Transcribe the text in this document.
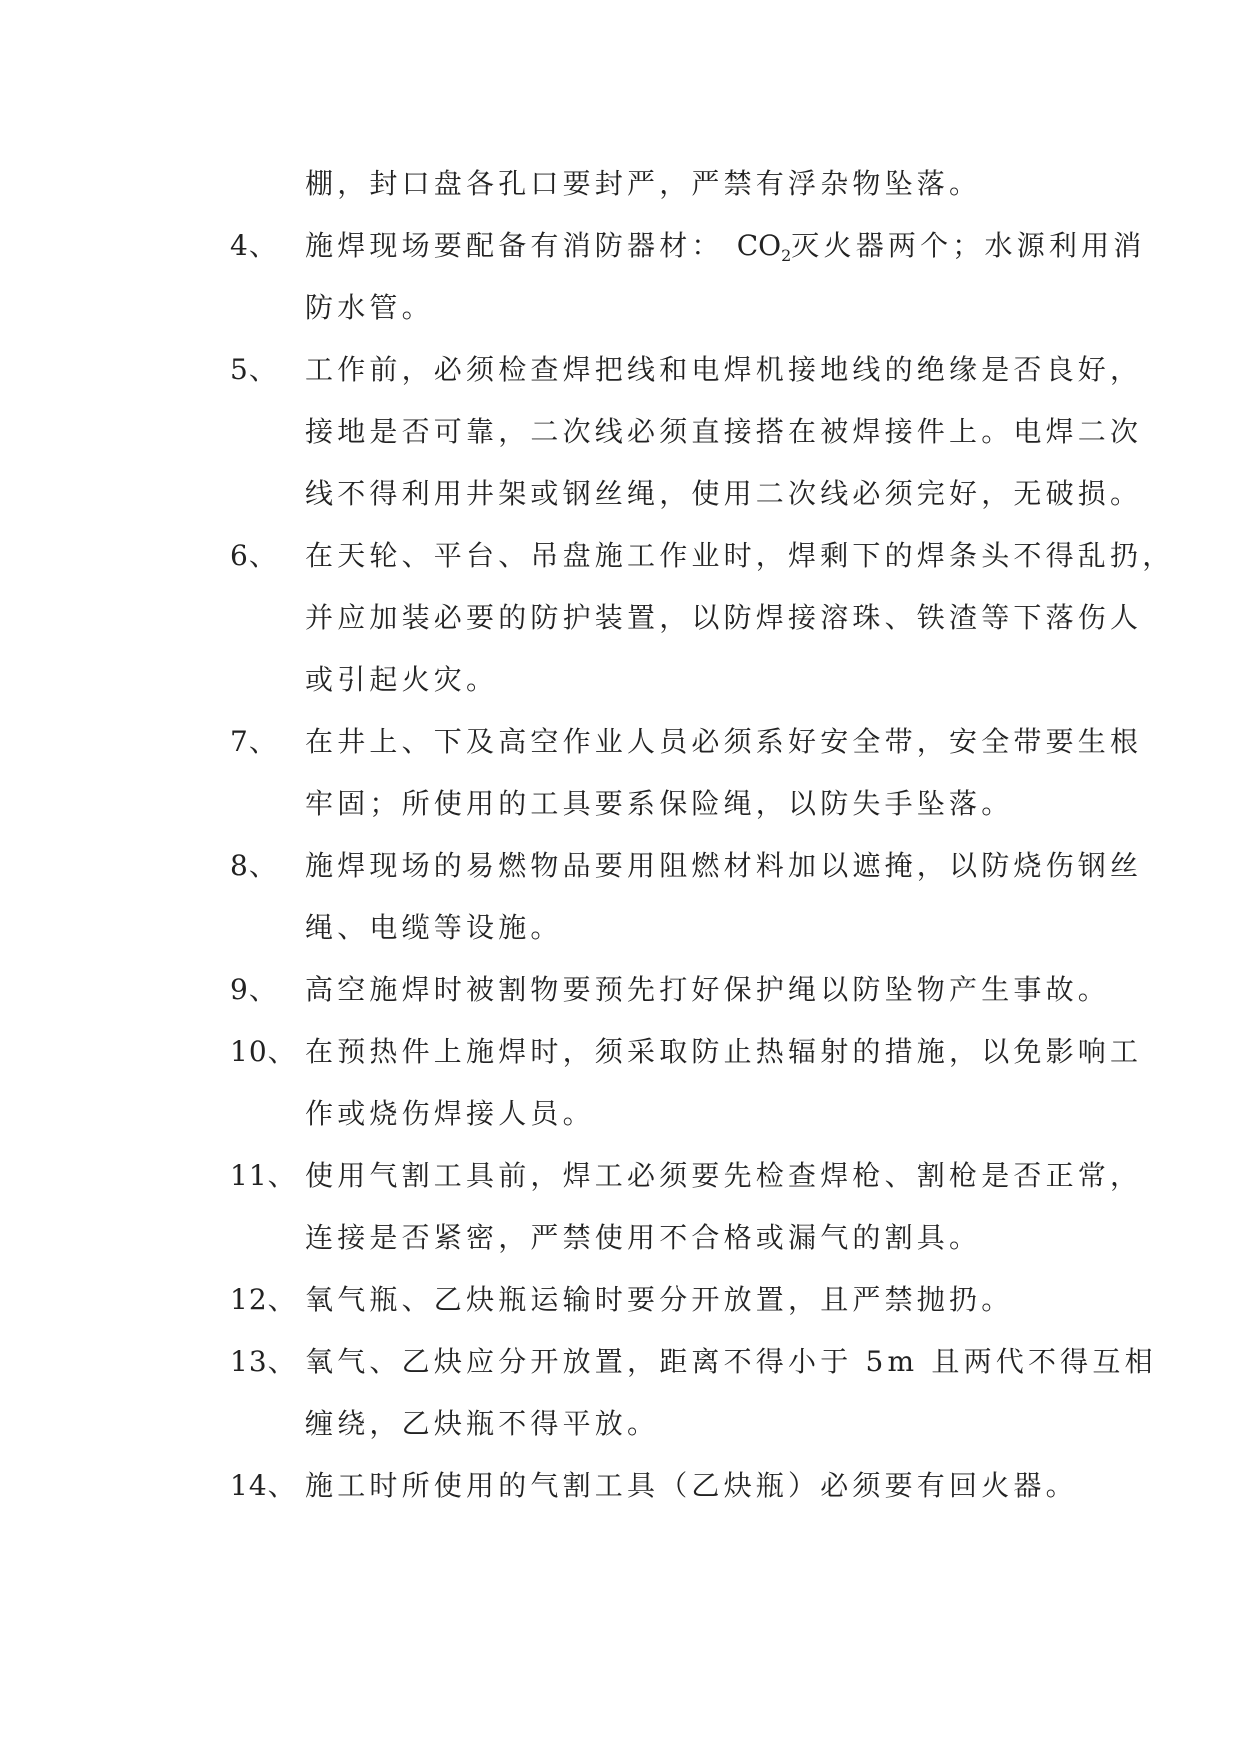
棚，封口盘各孔口要封严，严禁有浮杂物坠落。
4、 施焊现场要配备有消防器材： $CO_2$灭火器两个；水源利用消
防水管。
5、 工作前，必须检查焊把线和电焊机接地线的绝缘是否良好，
接地是否可靠，二次线必须直接搭在被焊接件上。电焊二次
线不得利用井架或钢丝绳，使用二次线必须完好，无破损。
6、 在天轮、平台、吊盘施工作业时，焊剩下的焊条头不得乱扔，
并应加装必要的防护装置，以防焊接溶珠、铁渣等下落伤人
或引起火灾。
7、 在井上、下及高空作业人员必须系好安全带，安全带要生根
牢固；所使用的工具要系保险绳，以防失手坠落。
8、 施焊现场的易燃物品要用阻燃材料加以遮掩，以防烧伤钢丝
绳、电缆等设施。
9、 高空施焊时被割物要预先打好保护绳以防坠物产生事故。
10、 在预热件上施焊时，须采取防止热辐射的措施，以免影响工
作或烧伤焊接人员。
11、 使用气割工具前，焊工必须要先检查焊枪、割枪是否正常，
连接是否紧密，严禁使用不合格或漏气的割具。
12、 氧气瓶、乙炔瓶运输时要分开放置，且严禁抛扔。
13、 氧气、乙炔应分开放置，距离不得小于 5m 且两代不得互相
缠绕，乙炔瓶不得平放。
14、 施工时所使用的气割工具（乙炔瓶）必须要有回火器。
